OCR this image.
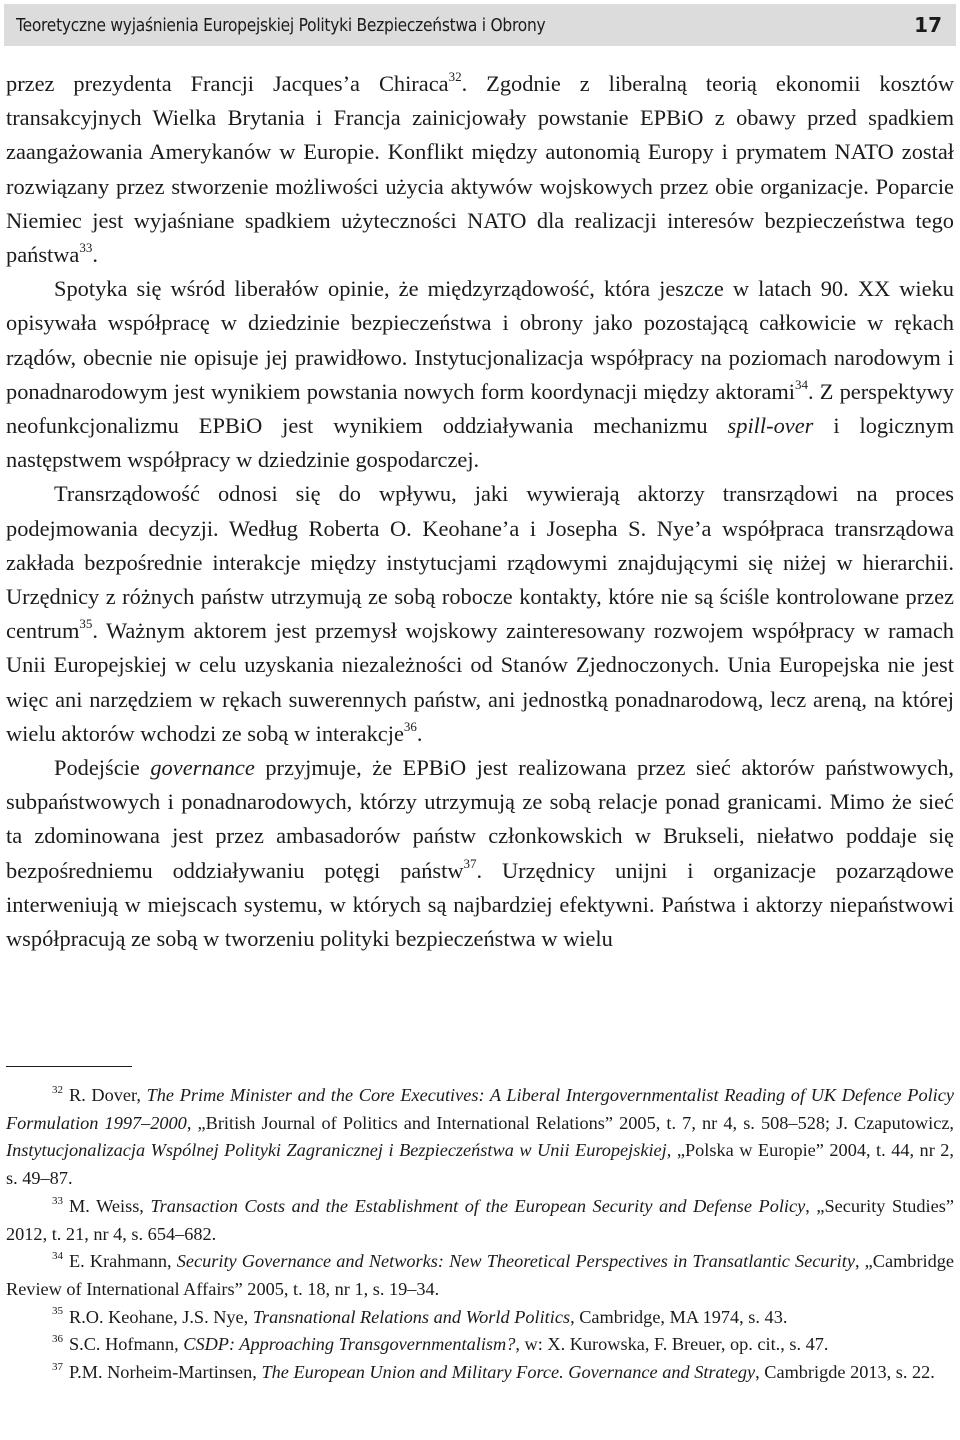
Teoretyczne wyjaśnienia Europejskiej Polityki Bezpieczeństwa i Obrony	17

przez prezydenta Francji Jacques’a Chiraca$^{32}$. Zgodnie z liberalną teorią ekonomii kosztów transakcyjnych Wielka Brytania i Francja zainicjowały powstanie EPBiO z obawy przed spadkiem zaangażowania Amerykanów w Europie. Konflikt między autonomią Europy i prymatem NATO został rozwiązany przez stworzenie możliwości użycia aktywów wojskowych przez obie organizacje. Poparcie Niemiec jest wyjaśniane spadkiem użyteczności NATO dla realizacji interesów bezpieczeństwa tego państwa$^{33}$.

Spotyka się wśród liberałów opinie, że międzyrządowość, która jeszcze w latach 90. XX wieku opisywała współpracę w dziedzinie bezpieczeństwa i obrony jako pozostającą całkowicie w rękach rządów, obecnie nie opisuje jej prawidłowo. Instytucjonalizacja współpracy na poziomach narodowym i ponadnarodowym jest wynikiem powstania nowych form koordynacji między aktorami$^{34}$. Z perspektywy neofunkcjonalizmu EPBiO jest wynikiem oddziaływania mechanizmu spill-over i logicznym następstwem współpracy w dziedzinie gospodarczej.

Transrządowość odnosi się do wpływu, jaki wywierają aktorzy transrządowi na proces podejmowania decyzji. Według Roberta O. Keohane’a i Josepha S. Nye’a współpraca transrządowa zakłada bezpośrednie interakcje między instytucjami rządowymi znajdującymi się niżej w hierarchii. Urzędnicy z różnych państw utrzymują ze sobą robocze kontakty, które nie są ściśle kontrolowane przez centrum$^{35}$. Ważnym aktorem jest przemysł wojskowy zainteresowany rozwojem współpracy w ramach Unii Europejskiej w celu uzyskania niezależności od Stanów Zjednoczonych. Unia Europejska nie jest więc ani narzędziem w rękach suwerennych państw, ani jednostką ponadnarodową, lecz areną, na której wielu aktorów wchodzi ze sobą w interakcje$^{36}$.

Podejście governance przyjmuje, że EPBiO jest realizowana przez sieć aktorów państwowych, subpaństwowych i ponadnarodowych, którzy utrzymują ze sobą relacje ponad granicami. Mimo że sieć ta zdominowana jest przez ambasadorów państw członkowskich w Brukseli, niełatwo poddaje się bezpośredniemu oddziaływaniu potęgi państw$^{37}$. Urzędnicy unijni i organizacje pozarządowe interweniują w miejscach systemu, w których są najbardziej efektywni. Państwa i aktorzy niepaństwowi współpracują ze sobą w tworzeniu polityki bezpieczeństwa w wielu

$^{32}$ R. Dover, The Prime Minister and the Core Executives: A Liberal Intergovernmentalist Reading of UK Defence Policy Formulation 1997–2000, „British Journal of Politics and International Relations” 2005, t. 7, nr 4, s. 508–528; J. Czaputowicz, Instytucjonalizacja Wspólnej Polityki Zagranicznej i Bezpieczeństwa w Unii Europejskiej, „Polska w Europie” 2004, t. 44, nr 2, s. 49–87.

$^{33}$ M. Weiss, Transaction Costs and the Establishment of the European Security and Defense Policy, „Security Studies” 2012, t. 21, nr 4, s. 654–682.

$^{34}$ E. Krahmann, Security Governance and Networks: New Theoretical Perspectives in Transatlantic Security, „Cambridge Review of International Affairs” 2005, t. 18, nr 1, s. 19–34.

$^{35}$ R.O. Keohane, J.S. Nye, Transnational Relations and World Politics, Cambridge, MA 1974, s. 43.

$^{36}$ S.C. Hofmann, CSDP: Approaching Transgovernmentalism?, w: X. Kurowska, F. Breuer, op. cit., s. 47.

$^{37}$ P.M. Norheim-Martinsen, The European Union and Military Force. Governance and Strategy, Cambrigde 2013, s. 22.
